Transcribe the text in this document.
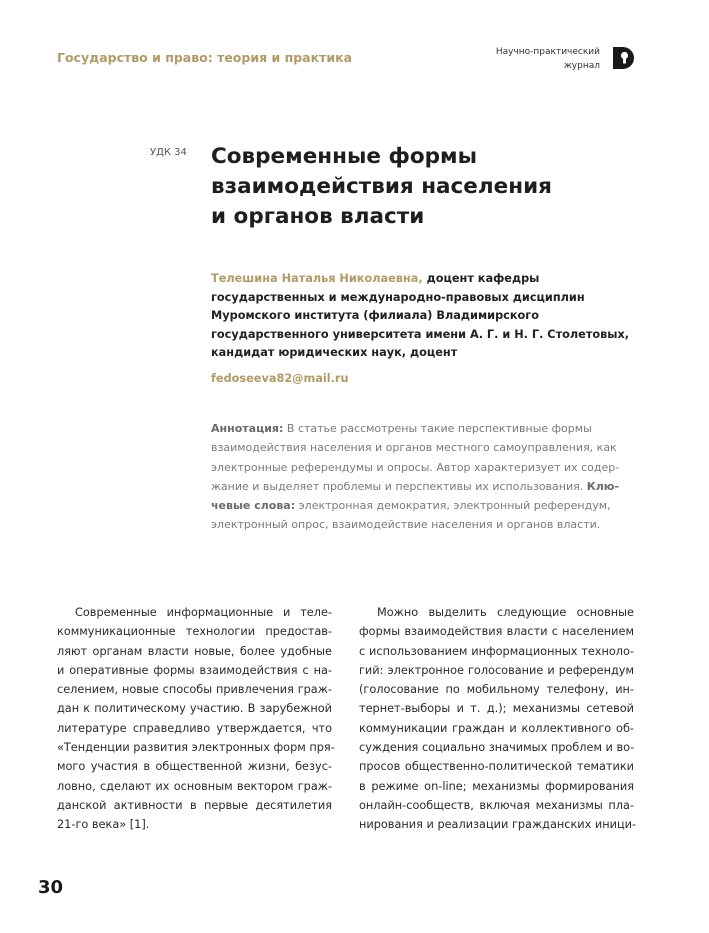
Государство и право: теория и практика	Научно-практический
журнал
УДК 34 Современные формы
взаимодействия населения
и органов власти
Телешина Наталья Николаевна, доцент кафедры
государственных и международно-правовых дисциплин
Муромского института (филиала) Владимирского
государственного университета имени А. Г. и Н. Г. Столетовых,
кандидат юридических наук, доцент
fedoseeva82@mail.ru
Аннотация: В статье рассмотрены такие перспективные формы
взаимодействия населения и органов местного самоуправления, как
электронные референдумы и опросы. Автор характеризует их содер-
жание и выделяет проблемы и перспективы их использования. Клю-
чевые слова: электронная демократия, электронный референдум,
электронный опрос, взаимодействие населения и органов власти.
Современные информационные и теле-
коммуникационные технологии предостав-
ляют органам власти новые, более удобные
и оперативные формы взаимодействия с на-
селением, новые способы привлечения граж-
дан к политическому участию. В зарубежной
литературе справедливо утверждается, что
«Тенденции развития электронных форм пря-
мого участия в общественной жизни, безус-
ловно, сделают их основным вектором граж-
данской активности в первые десятилетия
21-го века» [1].
Можно выделить следующие основные
формы взаимодействия власти с населением
с использованием информационных техноло-
гий: электронное голосование и референдум
(голосование по мобильному телефону, ин-
тернет-выборы и т. д.); механизмы сетевой
коммуникации граждан и коллективного об-
суждения социально значимых проблем и во-
просов общественно-политической тематики
в режиме on-line; механизмы формирования
онлайн-сообществ, включая механизмы пла-
нирования и реализации гражданских иници-
30
